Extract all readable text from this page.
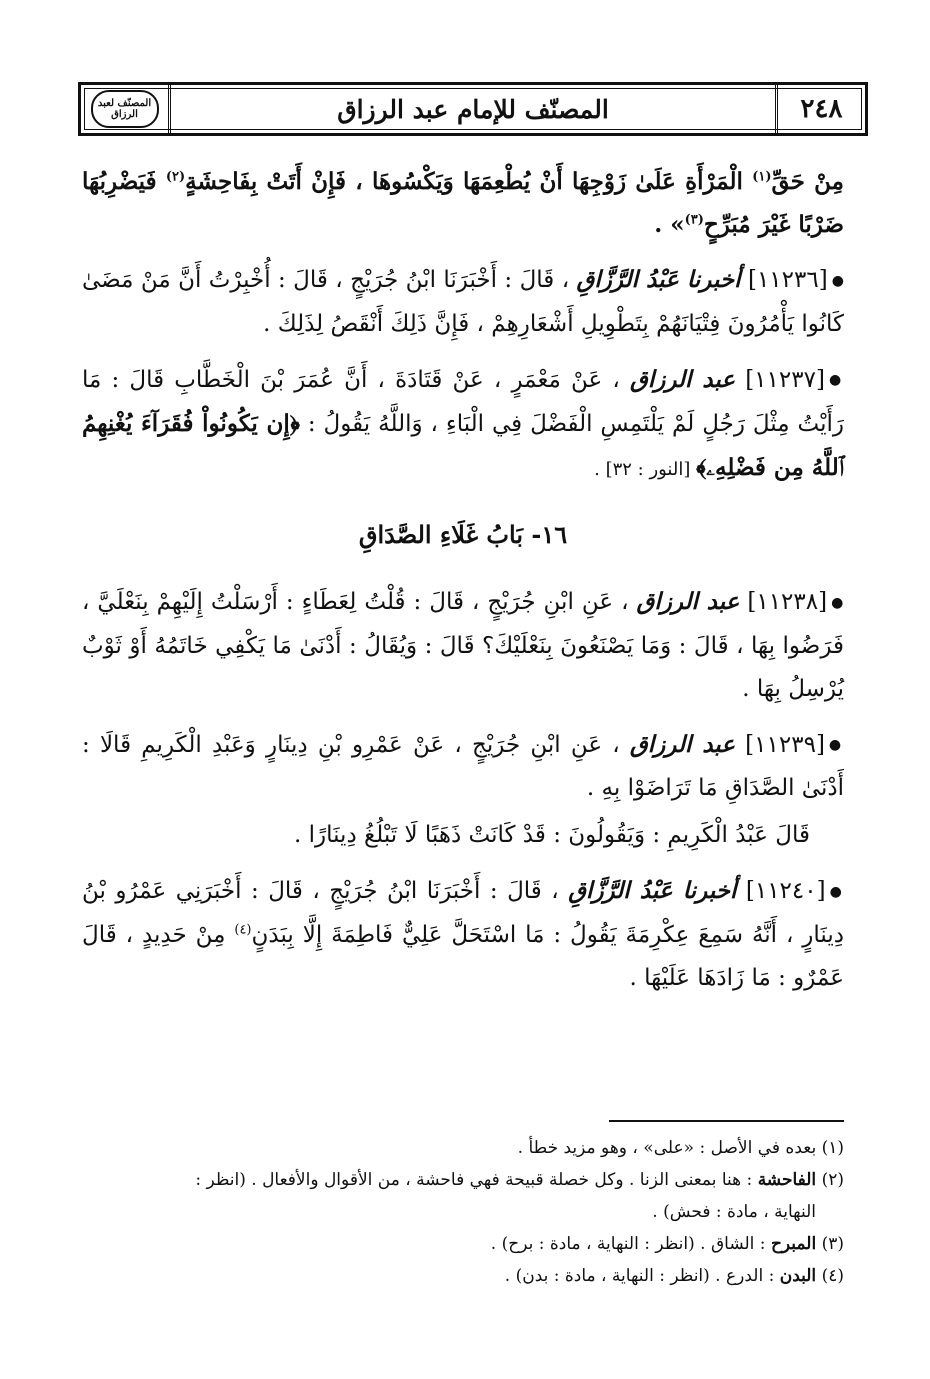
٢٤٨
المصنّف للإمام عبد الرزاق
المصنّف لعبد الرزاق

مِنْ حَقِّ$^{(١)}$ الْمَرْأَةِ عَلَىٰ زَوْجِهَا أَنْ يُطْعِمَهَا وَيَكْسُوهَا ، فَإِنْ أَتَتْ بِفَاحِشَةٍ$^{(٢)}$ فَيَضْرِبُهَا ضَرْبًا غَيْرَ مُبَرِّحٍ$^{(٣)}$» .

●[١١٢٣٦] أخبرنا عَبْدُ الرَّزَّاقِ ، قَالَ : أَخْبَرَنَا ابْنُ جُرَيْجٍ ، قَالَ : أُخْبِرْتُ أَنَّ مَنْ مَضَىٰ كَانُوا يَأْمُرُونَ فِتْيَانَهُمْ بِتَطْوِيلِ أَشْعَارِهِمْ ، فَإِنَّ ذَلِكَ أَنْقَصُ لِذَلِكَ .

●[١١٢٣٧] عبد الرزاق ، عَنْ مَعْمَرٍ ، عَنْ قَتَادَةَ ، أَنَّ عُمَرَ بْنَ الْخَطَّابِ قَالَ : مَا رَأَيْتُ مِثْلَ رَجُلٍ لَمْ يَلْتَمِسِ الْفَضْلَ فِي الْبَاءِ ، وَاللَّهُ يَقُولُ : ﴿إِن يَكُونُواْ فُقَرَآءَ يُغْنِهِمُ ٱللَّهُ مِن فَضْلِهِۦ﴾ [النور : ٣٢] .

١٦- بَابُ غَلَاءِ الصَّدَاقِ

●[١١٢٣٨] عبد الرزاق ، عَنِ ابْنِ جُرَيْجٍ ، قَالَ : قُلْتُ لِعَطَاءٍ : أَرْسَلْتُ إِلَيْهِمْ بِنَعْلَيَّ ، فَرَضُوا بِهَا ، قَالَ : وَمَا يَصْنَعُونَ بِنَعْلَيْكَ؟ قَالَ : وَيُقَالُ : أَدْنَىٰ مَا يَكْفِي خَاتَمُهُ أَوْ ثَوْبٌ يُرْسِلُ بِهَا .

●[١١٢٣٩] عبد الرزاق ، عَنِ ابْنِ جُرَيْجٍ ، عَنْ عَمْرِو بْنِ دِينَارٍ وَعَبْدِ الْكَرِيمِ قَالَا : أَدْنَىٰ الصَّدَاقِ مَا تَرَاضَوْا بِهِ .

قَالَ عَبْدُ الْكَرِيمِ : وَيَقُولُونَ : قَدْ كَانَتْ ذَهَبًا لَا تَبْلُغُ دِينَارًا .

●[١١٢٤٠] أخبرنا عَبْدُ الرَّزَّاقِ ، قَالَ : أَخْبَرَنَا ابْنُ جُرَيْجٍ ، قَالَ : أَخْبَرَنِي عَمْرُو بْنُ دِينَارٍ ، أَنَّهُ سَمِعَ عِكْرِمَةَ يَقُولُ : مَا اسْتَحَلَّ عَلِيٌّ فَاطِمَةَ إِلَّا بِبَدَنٍ$^{(٤)}$ مِنْ حَدِيدٍ ، قَالَ عَمْرٌو : مَا زَادَهَا عَلَيْهَا .

(١) بعده في الأصل : «على» ، وهو مزيد خطأ .

(٢) الفاحشة : هنا بمعنى الزنا . وكل خصلة قبيحة فهي فاحشة ، من الأقوال والأفعال . (انظر :

النهاية ، مادة : فحش) .

(٣) المبرح : الشاق . (انظر : النهاية ، مادة : برح) .

(٤) البدن : الدرع . (انظر : النهاية ، مادة : بدن) .
